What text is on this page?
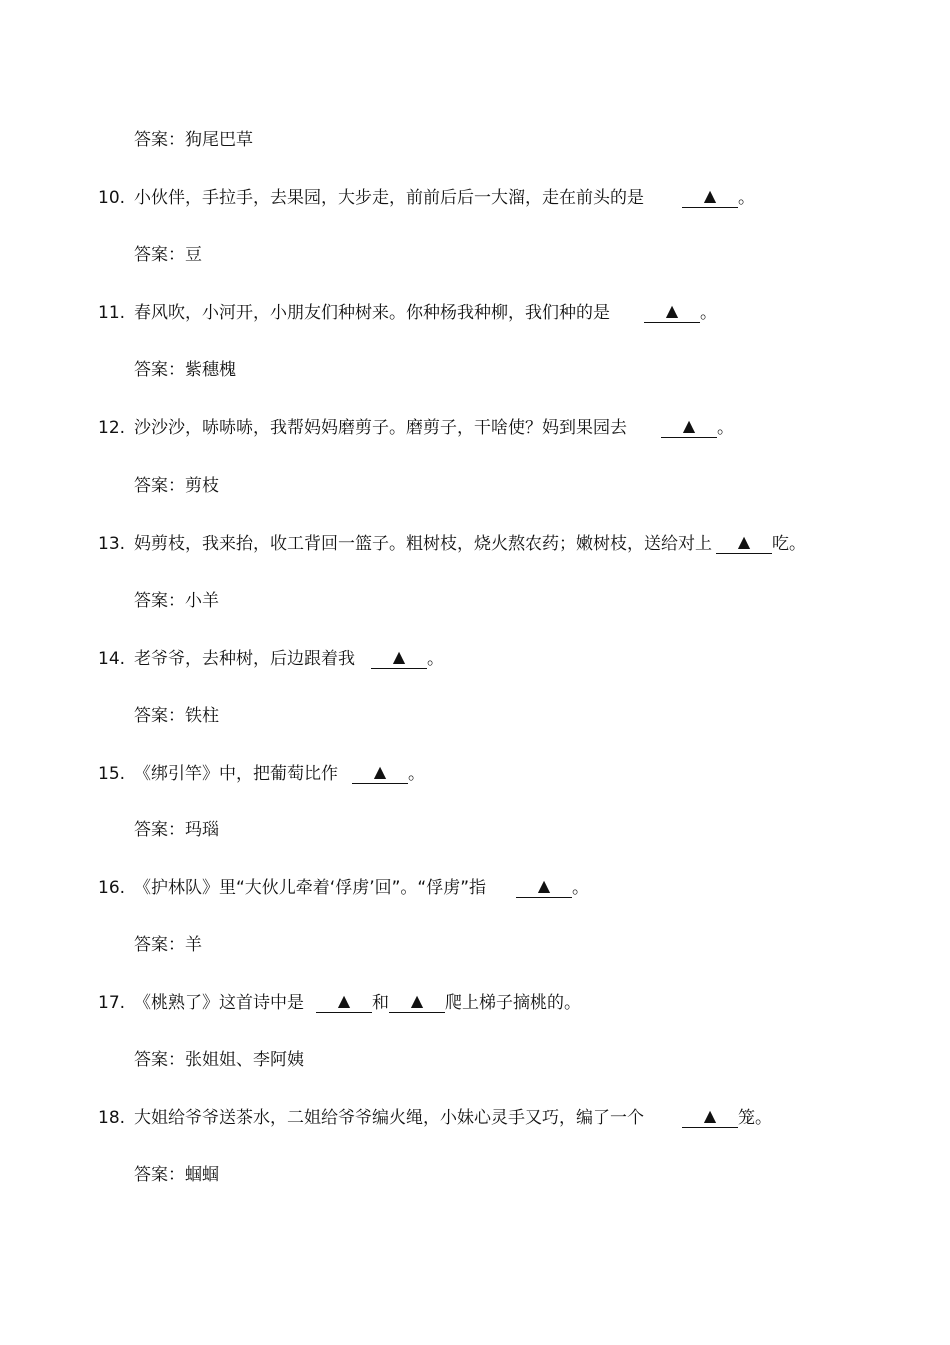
答案：狗尾巴草
10. 小伙伴，手拉手，去果园，大步走，前前后后一大溜，走在前头的是	▲ 。
答案：豆
11. 春风吹，小河开，小朋友们种树来。你种杨我种柳，我们种的是	▲ 。
答案：紫穗槐
12. 沙沙沙，哧哧哧，我帮妈妈磨剪子。磨剪子，干啥使？妈到果园去	▲ 。
答案：剪枝
13. 妈剪枝，我来抬，收工背回一篮子。粗树枝，烧火熬农药；嫩树枝，送给对上 ▲ 吃。
答案：小羊
14. 老爷爷，去种树，后边跟着我 ▲ 。
答案：铁柱
15. 《绑引竿》中，把葡萄比作 ▲ 。
答案：玛瑙
16. 《护林队》里“大伙儿牵着‘俘虏’回”。“俘虏”指	▲ 。
答案：羊
17. 《桃熟了》这首诗中是 ▲ 和 ▲ 爬上梯子摘桃的。
答案：张姐姐、李阿姨
18. 大姐给爷爷送茶水，二姐给爷爷编火绳，小妹心灵手又巧，编了一个	▲ 笼。
答案：蝈蝈
